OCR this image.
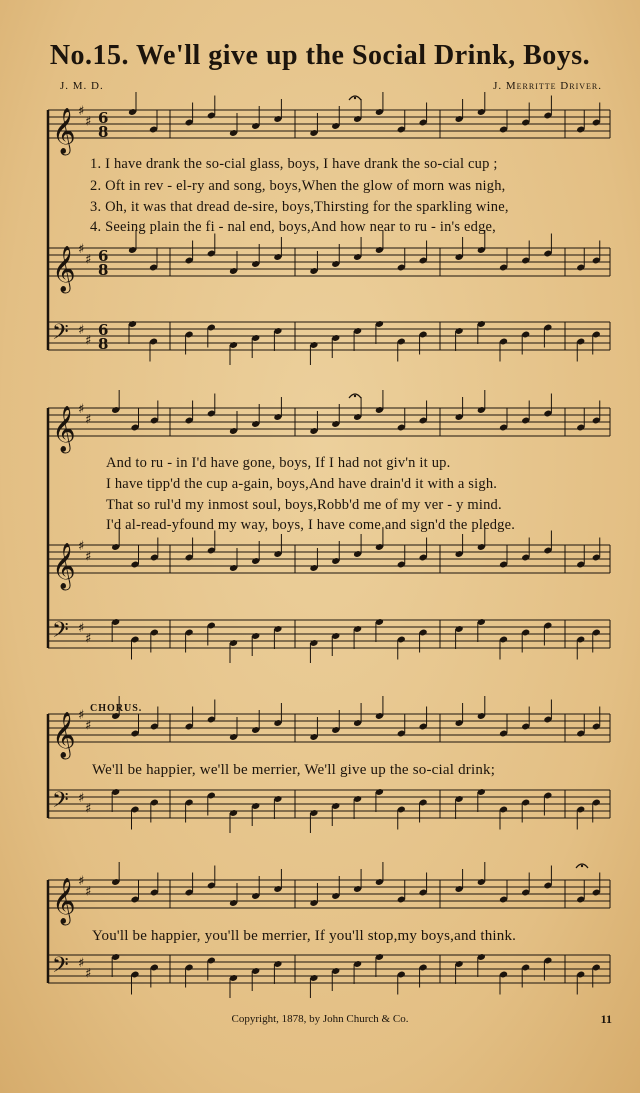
No.15. We'll give up the Social Drink, Boys.
J. M. D.	J. Merritte Driver.
𝄞 ♯
♯ 6
8
𝄞 ♯
♯ 6
8
𝄢 ♯
♯
6
8
𝄞 ♯
♯
𝄞 ♯
♯
𝄢 ♯
♯
𝄞 ♯
♯
𝄢 ♯
♯
𝄞 ♯
♯
𝄢 ♯
♯
1. I have drank the so-cial glass, boys, I have drank the so-cial cup ;
2. Oft in rev - el-ry and song, boys,When the glow of morn was nigh,
3. Oh, it was that dread de-sire, boys,Thirsting for the sparkling wine,
4. Seeing plain the fi - nal end, boys,And how near to ru - in's edge,
And to ru - in I'd have gone, boys, If I had not giv'n it up.
I have tipp'd the cup a-gain, boys,And have drain'd it with a sigh.
That so rul'd my inmost soul, boys,Robb'd me of my ver - y mind.
I'd al-read-yfound my way, boys, I have come and sign'd the pledge.
CHORUS.
We'll be happier, we'll be merrier, We'll give up the so-cial drink;
You'll be happier, you'll be merrier, If you'll stop,my boys,and think.
Copyright, 1878, by John Church & Co.	11
